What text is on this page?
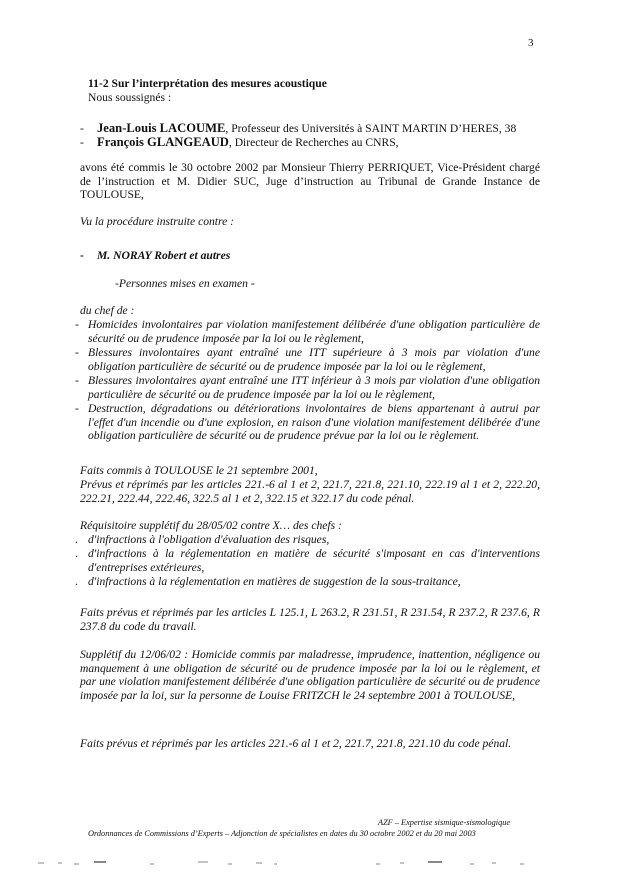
3
11-2 Sur l’interprétation des mesures acoustique
Nous soussignés :
- Jean-Louis LACOUME, Professeur des Universités à SAINT MARTIN D’HERES, 38
- François GLANGEAUD, Directeur de Recherches au CNRS,
avons été commis le 30 octobre 2002 par Monsieur Thierry PERRIQUET, Vice-Président chargé de l’instruction et M. Didier SUC, Juge d’instruction au Tribunal de Grande Instance de TOULOUSE,
Vu la procédure instruite contre :
- M. NORAY Robert et autres
-Personnes mises en examen -
du chef de :
- Homicides involontaires par violation manifestement délibérée d'une obligation particulière de sécurité ou de prudence imposée par la loi ou le règlement,
- Blessures involontaires ayant entraîné une ITT supérieure à 3 mois par violation d'une obligation particulière de sécurité ou de prudence imposée par la loi ou le règlement,
- Blessures involontaires ayant entraîné une ITT inférieur à 3 mois par violation d'une obligation particulière de sécurité ou de prudence imposée par la loi ou le règlement,
- Destruction, dégradations ou détériorations involontaires de biens appartenant à autrui par l'effet d'un incendie ou d'une explosion, en raison d'une violation manifestement délibérée d'une obligation particulière de sécurité ou de prudence prévue par la loi ou le règlement.
Faits commis à TOULOUSE le 21 septembre 2001,
Prévus et réprimés par les articles 221.-6 al 1 et 2, 221.7, 221.8, 221.10, 222.19 al 1 et 2, 222.20, 222.21, 222.44, 222.46, 322.5 al 1 et 2, 322.15 et 322.17 du code pénal.
Réquisitoire supplétif du 28/05/02 contre X… des chefs :
. d'infractions à l'obligation d'évaluation des risques,
. d'infractions à la réglementation en matière de sécurité s'imposant en cas d'interventions d'entreprises extérieures,
. d'infractions à la réglementation en matières de suggestion de la sous-traitance,
Faits prévus et réprimés par les articles L 125.1, L 263.2, R 231.51, R 231.54, R 237.2, R 237.6, R 237.8 du code du travail.
Supplétif du 12/06/02 : Homicide commis par maladresse, imprudence, inattention, négligence ou manquement à une obligation de sécurité ou de prudence imposée par la loi ou le règlement, et par une violation manifestement délibérée d'une obligation particulière de sécurité ou de prudence imposée par la loi, sur la personne de Louise FRITZCH le 24 septembre 2001 à TOULOUSE,
Faits prévus et réprimés par les articles 221.-6 al 1 et 2, 221.7, 221.8, 221.10 du code pénal.
AZF – Expertise sismique-sismologique
Ordonnances de Commissions d’Experts – Adjonction de spécialistes en dates du 30 octobre 2002 et du 20 mai 2003
